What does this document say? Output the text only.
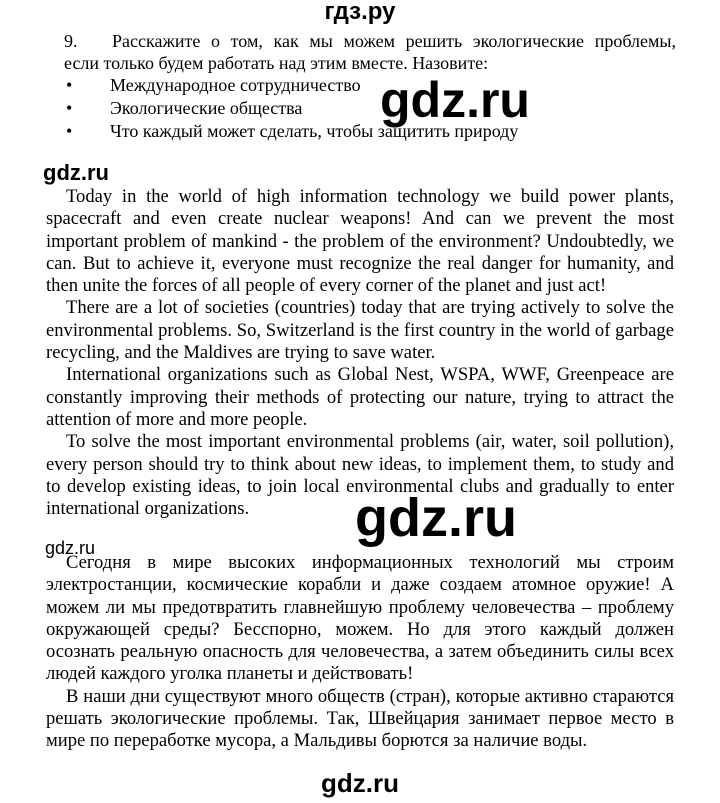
гдз.ру
9. Расскажите о том, как мы можем решить экологические проблемы,
если только будем работать над этим вместе. Назовите:
• Международное сотрудничество
• Экологические общества
• Что каждый может сделать, чтобы защитить природу
gdz.ru
gdz.ru

Today in the world of high information technology we build power plants, spacecraft and even create nuclear weapons! And can we prevent the most important problem of mankind - the problem of the environment? Undoubtedly, we can. But to achieve it, everyone must recognize the real danger for humanity, and then unite the forces of all people of every corner of the planet and just act!

There are a lot of societies (countries) today that are trying actively to solve the environmental problems. So, Switzerland is the first country in the world of garbage recycling, and the Maldives are trying to save water.

International organizations such as Global Nest, WSPA, WWF, Greenpeace are constantly improving their methods of protecting our nature, trying to attract the attention of more and more people.

To solve the most important environmental problems (air, water, soil pollution), every person should try to think about new ideas, to implement them, to study and to develop existing ideas, to join local environmental clubs and gradually to enter international organizations.	gdz.ru
gdz.ru

Сегодня в мире высоких информационных технологий мы строим электростанции, космические корабли и даже создаем атомное оружие! А можем ли мы предотвратить главнейшую проблему человечества – проблему окружающей среды? Бесспорно, можем. Но для этого каждый должен осознать реальную опасность для человечества, а затем объединить силы всех людей каждого уголка планеты и действовать!

В наши дни существуют много обществ (стран), которые активно стараются решать экологические проблемы. Так, Швейцария занимает первое место в мире по переработке мусора, а Мальдивы борются за наличие воды.

gdz.ru
